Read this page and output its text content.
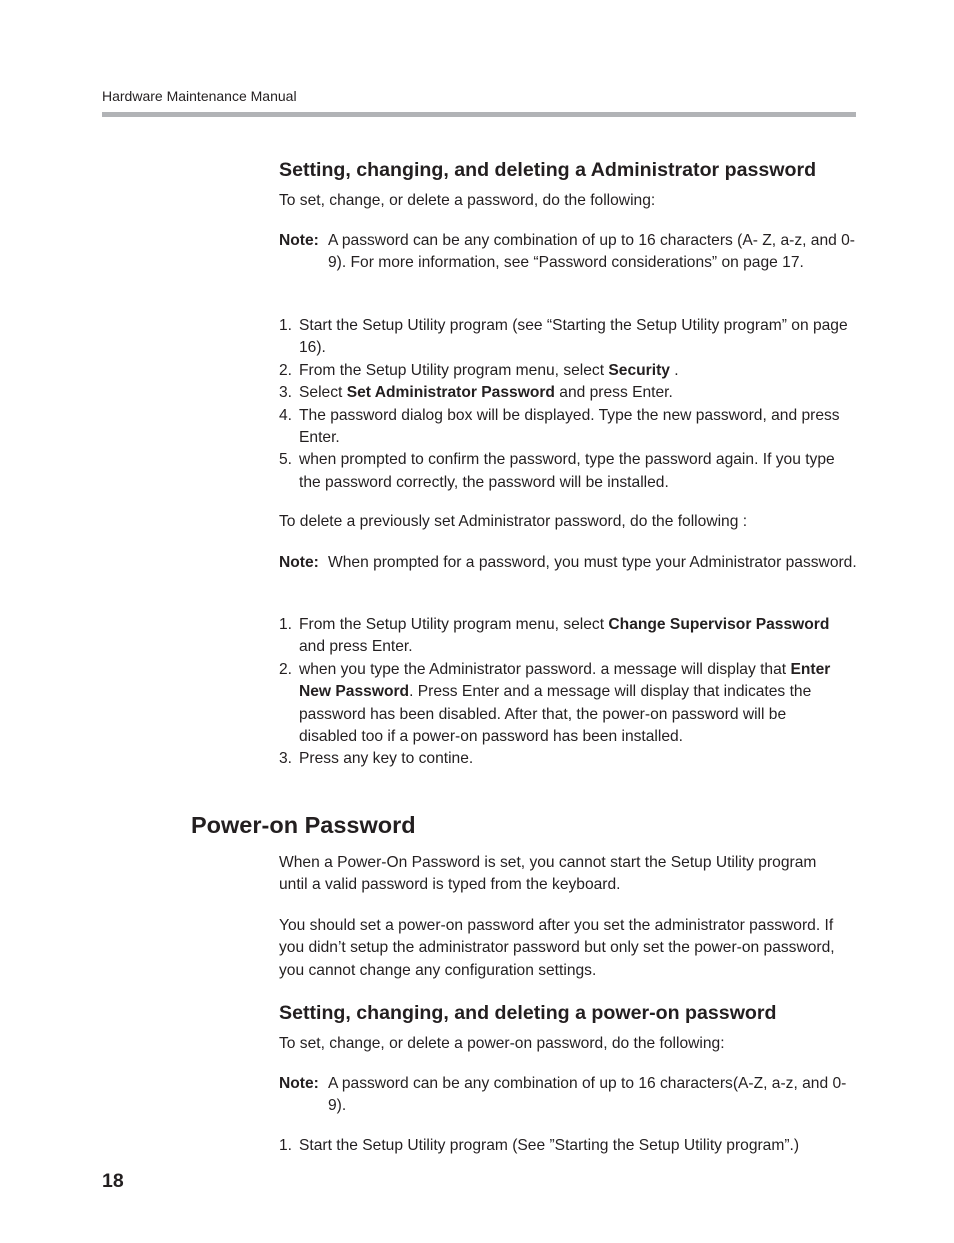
Hardware Maintenance Manual
Setting, changing, and deleting a Administrator password

To set, change, or delete a password, do the following:

Note: A password can be any combination of up to 16 characters (A- Z, a-z, and 0-9). For more information, see “Password considerations” on page 17.
1. Start the Setup Utility program (see “Starting the Setup Utility program” on page 16).
2. From the Setup Utility program menu, select Security .
3. Select Set Administrator Password and press Enter.
4. The password dialog box will be displayed. Type the new password, and press Enter.
5. when prompted to confirm the password, type the password again. If you type the password correctly, the password will be installed.

To delete a previously set Administrator password, do the following :

Note: When prompted for a password, you must type your Administrator password.
1. From the Setup Utility program menu, select Change Supervisor Password and press Enter.
2. when you type the Administrator password. a message will display that Enter New Password. Press Enter and a message will display that indicates the password has been disabled. After that, the power-on password will be disabled too if a power-on password has been installed.
3. Press any key to contine.
Power-on Password

When a Power-On Password is set, you cannot start the Setup Utility program until a valid password is typed from the keyboard.

You should set a power-on password after you set the administrator password. If you didn’t setup the administrator password but only set the power-on password, you cannot change any configuration settings.

Setting, changing, and deleting a power-on password

To set, change, or delete a power-on password, do the following:

Note: A password can be any combination of up to 16 characters(A-Z, a-z, and 0-9).
1. Start the Setup Utility program (See ”Starting the Setup Utility program”.)
18
